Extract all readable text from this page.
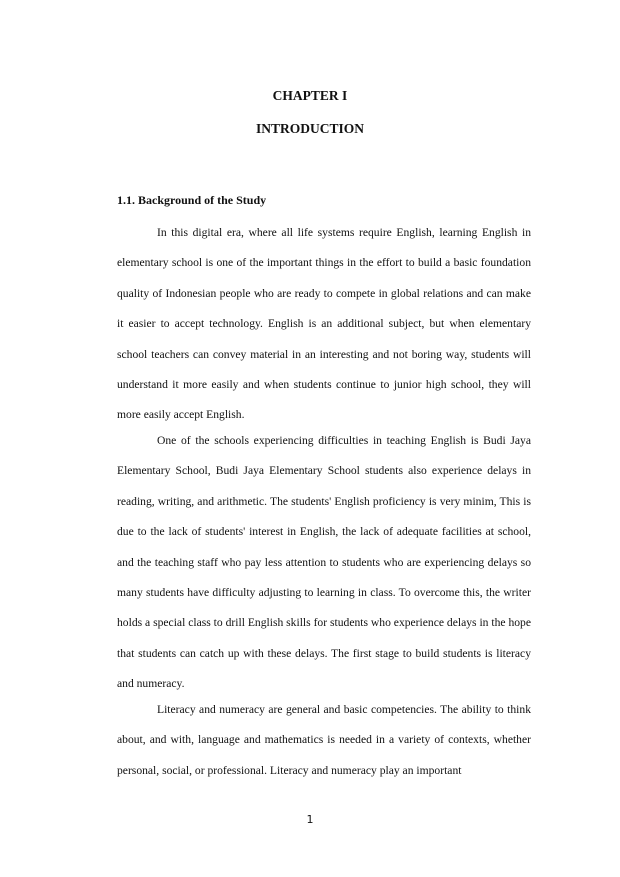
CHAPTER I
INTRODUCTION
1.1. Background of the Study

In this digital era, where all life systems require English, learning English in elementary school is one of the important things in the effort to build a basic foundation quality of Indonesian people who are ready to compete in global relations and can make it easier to accept technology. English is an additional subject, but when elementary school teachers can convey material in an interesting and not boring way, students will understand it more easily and when students continue to junior high school, they will more easily accept English.

One of the schools experiencing difficulties in teaching English is Budi Jaya Elementary School, Budi Jaya Elementary School students also experience delays in reading, writing, and arithmetic. The students' English proficiency is very minim, This is due to the lack of students' interest in English, the lack of adequate facilities at school, and the teaching staff who pay less attention to students who are experiencing delays so many students have difficulty adjusting to learning in class. To overcome this, the writer holds a special class to drill English skills for students who experience delays in the hope that students can catch up with these delays. The first stage to build students is literacy and numeracy.

Literacy and numeracy are general and basic competencies. The ability to think about, and with, language and mathematics is needed in a variety of contexts, whether personal, social, or professional. Literacy and numeracy play an important

1
